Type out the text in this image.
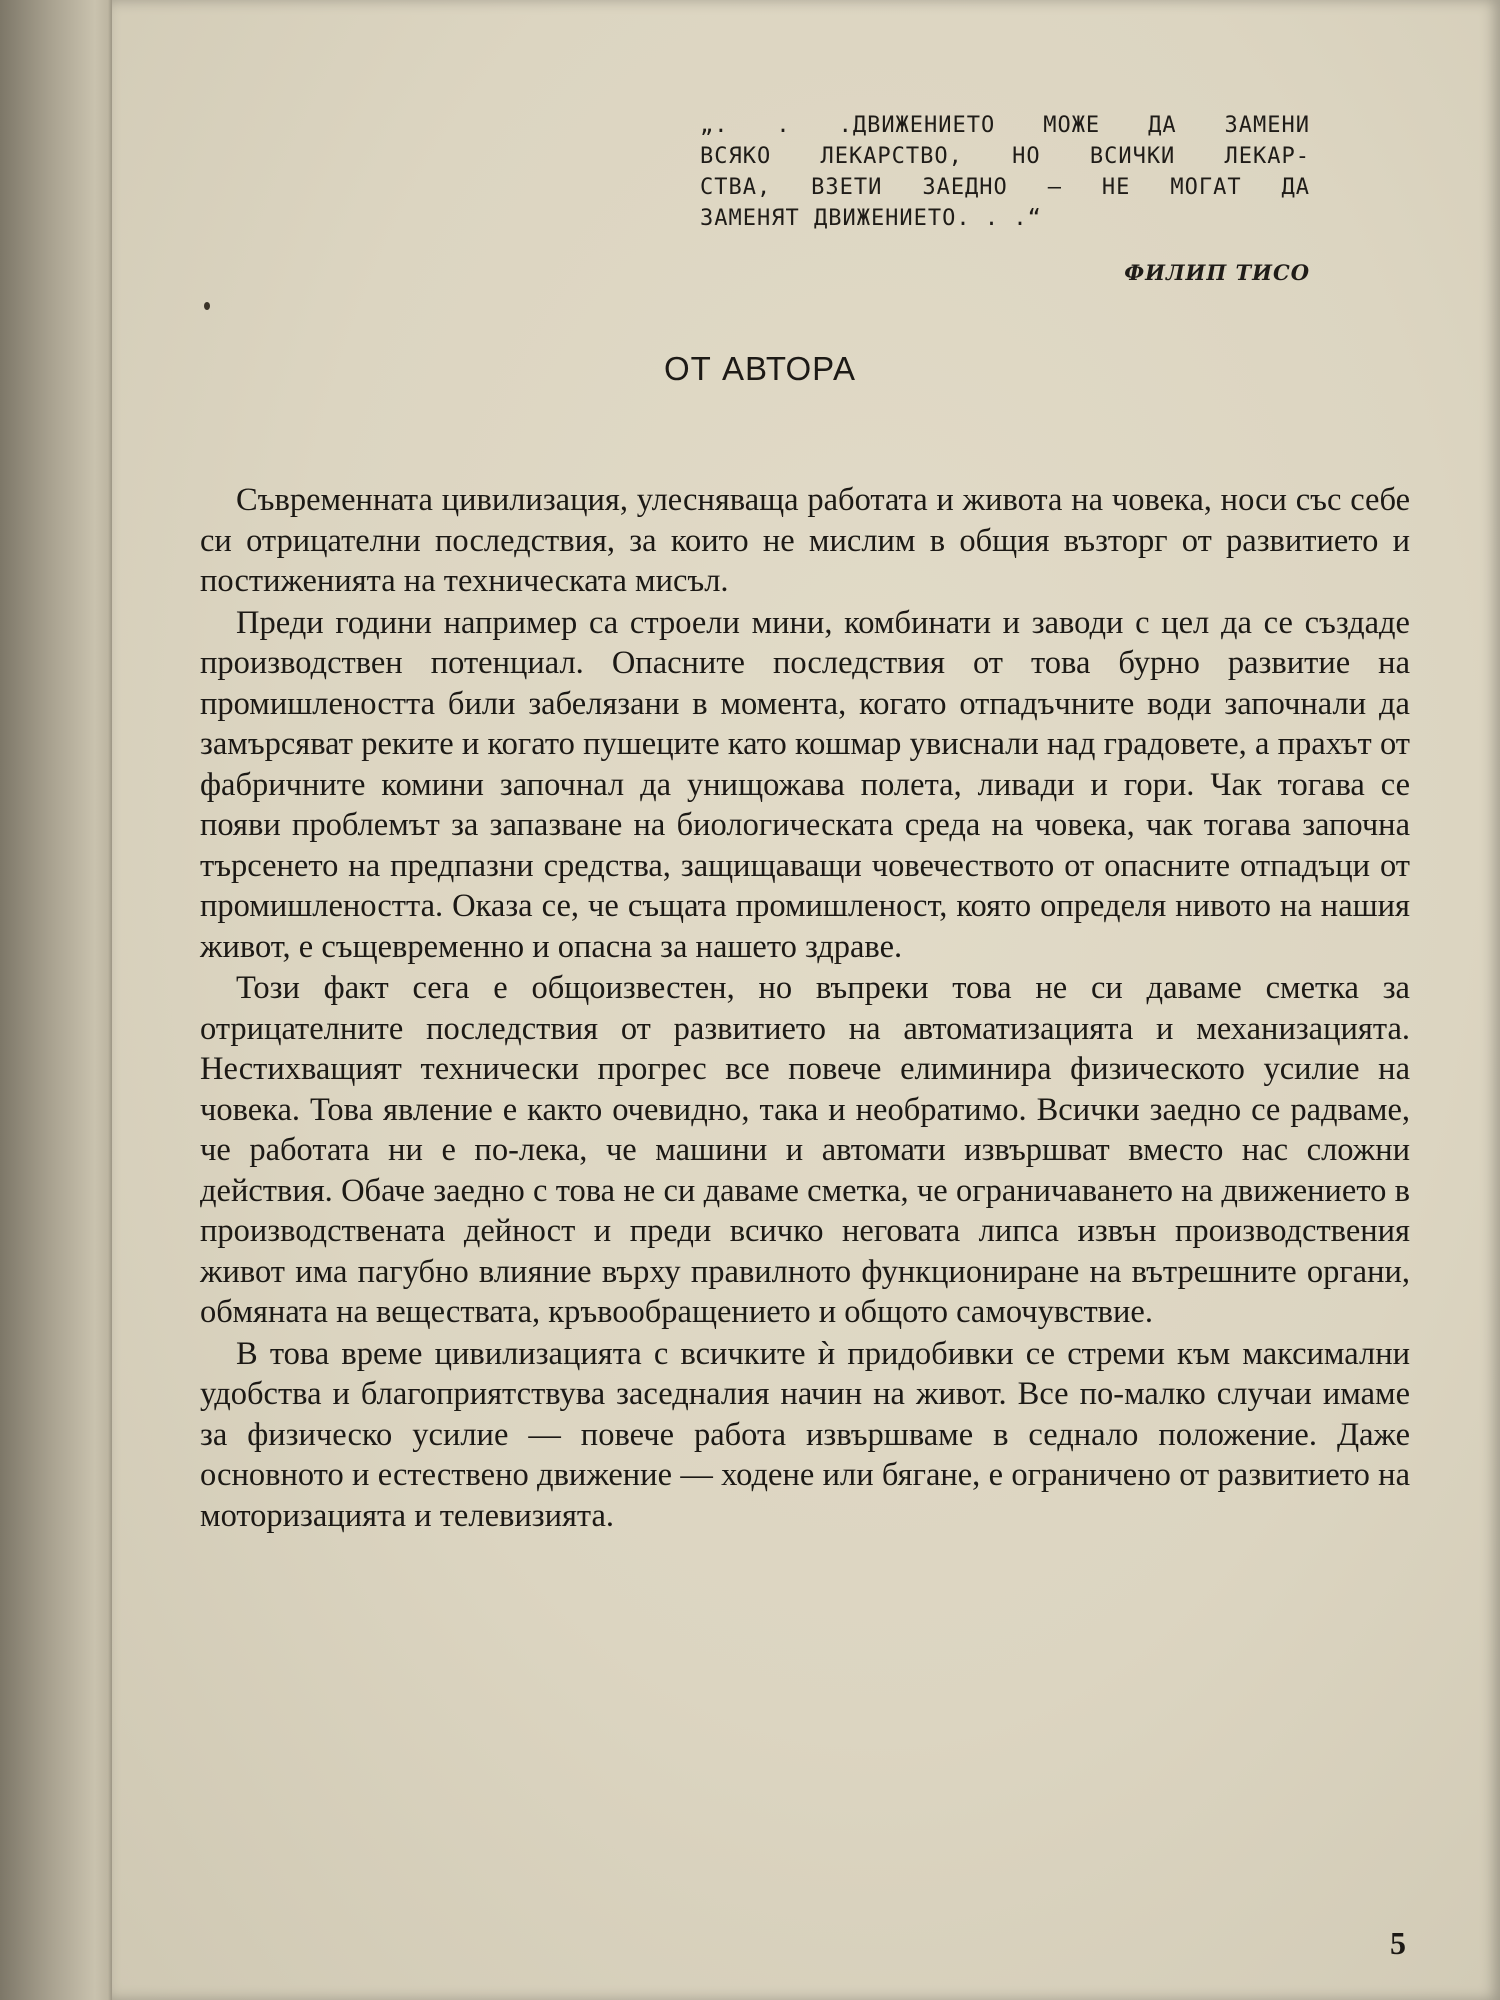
„. . .ДВИЖЕНИЕТО МОЖЕ ДА ЗАМЕНИ
ВСЯКО ЛЕКАРСТВО, НО ВСИЧКИ ЛЕКАР-
СТВА, ВЗЕТИ ЗАЕДНО — НЕ МОГАТ ДА
ЗАМЕНЯТ ДВИЖЕНИЕТО. . .“
ФИЛИП ТИСО
ОТ АВТОРА

Съвременната цивилизация, улесняваща работата и живота на човека, носи със себе си отрицателни последствия, за които не мислим в общия възторг от развитието и постиженията на техническата мисъл.

Преди години например са строели мини, комбинати и заводи с цел да се създаде производствен потенциал. Опасните последствия от това бурно развитие на промишлеността били забелязани в момента, когато отпадъчните води започнали да замърсяват реките и когато пушеците като кошмар увиснали над градовете, а прахът от фабричните комини започнал да унищожава полета, ливади и гори. Чак тогава се появи проблемът за запазване на биологическата среда на човека, чак тогава започна търсенето на предпазни средства, защищаващи човечеството от опасните отпадъци от промишлеността. Оказа се, че същата промишленост, която определя нивото на нашия живот, е същевременно и опасна за нашето здраве.

Този факт сега е общоизвестен, но въпреки това не си даваме сметка за отрицателните последствия от развитието на автоматизацията и механизацията. Нестихващият технически прогрес все повече елиминира физическото усилие на човека. Това явление е както очевидно, така и необратимо. Всички заедно се радваме, че работата ни е по-лека, че машини и автомати извършват вместо нас сложни действия. Обаче заедно с това не си даваме сметка, че ограничаването на движението в производствената дейност и преди всичко неговата липса извън производствения живот има пагубно влияние върху правилното функциониране на вътрешните органи, обмяната на веществата, кръвообращението и общото самочувствие.

В това време цивилизацията с всичките ѝ придобивки се стреми към максимални удобства и благоприятствува заседналия начин на живот. Все по-малко случаи имаме за физическо усилие — повече работа извършваме в седнало положение. Даже основното и естествено движение — ходене или бягане, е ограничено от развитието на моторизацията и телевизията.

5
